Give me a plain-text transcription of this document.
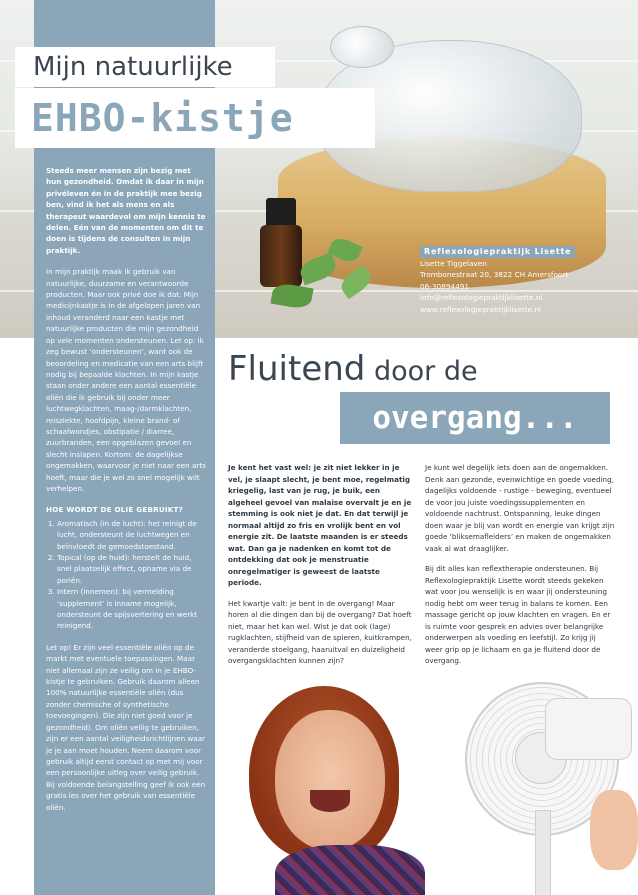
Mijn natuurlijke
EHBO-kistje

Steeds meer mensen zijn bezig met hun gezondheid. Omdat ik daar in mijn privéleven én in de praktijk mee bezig ben, vind ik het als mens en als therapeut waardevol om mijn kennis te delen. Eén van de momenten om dit te doen is tijdens de consulten in mijn praktijk.

In mijn praktijk maak ik gebruik van natuurlijke, duurzame en verantwoorde producten. Maar ook privé doe ik dat. Mijn medicijnkastje is in de afgelopen jaren van inhoud veranderd naar een kastje met natuurlijke producten die mijn gezondheid op vele momenten ondersteunen. Let op: ik zeg bewust ‘ondersteunen’, want ook de beoordeling en medicatie van een arts blijft nodig bij bepaalde klachten. In mijn kastje staan onder andere een aantal essentiële oliën die ik gebruik bij onder meer luchtwegklachten, maag-/darmklachten, reisziekte, hoofdpijn, kleine brand- of schaafwondjes, obstipatie / diarree, zuurbranden, een opgeblazen gevoel en slecht inslapen. Kortom: de dagelijkse ongemakken, waarvoor je niet naar een arts hoeft, maar die je wel zo snel mogelijk wilt verhelpen.

HOE WORDT DE OLIE GEBRUIKT?
1. Aromatisch (in de lucht): het reinigt de lucht, ondersteunt de luchtwegen en beïnvloedt de gemoedstoestand.
2. Topical (op de huid): herstelt de huid, snel plaatselijk effect, opname via de poriën.
3. Intern (innemen): bij vermelding ‘supplement’ is inname mogelijk, ondersteunt de spijsvertering en werkt reinigend.

Let op! Er zijn veel essentiële oliën op de markt met eventuele toepassingen. Maar niet allemaal zijn ze veilig om in je EHBO-kistje te gebruiken. Gebruik daarom alleen 100% natuurlijke essentiële oliën (dus zonder chemische of synthetische toevoegingen). Die zijn niet goed voor je gezondheid). Om oliën veilig te gebruiken, zijn er een aantal veiligheidsrichtlijnen waar je je aan moet houden. Neem daarom voor gebruik altijd eerst contact op met mij voor een persoonlijke uitleg over veilig gebruik. Bij voldoende belangstelling geef ik ook een gratis les over het gebruik van essentiële oliën.

Reflexologiepraktijk Lisette
Lisette Tiggelaven
Trombonestraat 20, 3822 CH Amersfoort
06-30894491
info@reflexologiepraktijklisette.nl
www.reflexologiepraktijklisette.nl
Fluitend door de
overgang...

Je kent het vast wel: je zit niet lekker in je vel, je slaapt slecht, je bent moe, regelmatig kriegelig, last van je rug, je buik, een algeheel gevoel van malaise overvalt je en je stemming is ook niet je dat. En dat terwijl je normaal altijd zo fris en vrolijk bent en vol energie zit. De laatste maanden is er steeds wat. Dan ga je nadenken en komt tot de ontdekking dat ook je menstruatie onregelmatiger is geweest de laatste periode.

Het kwartje valt: je bent in de overgang! Maar horen al die dingen dan bij de overgang? Dat hoeft niet, maar het kan wel. Wist je dat ook (lage) rugklachten, stijfheid van de spieren, kuitkrampen, veranderde stoelgang, haaruitval en duizeligheid overgangsklachten kunnen zijn?

Je kunt wel degelijk iets doen aan de ongemakken. Denk aan gezonde, evenwichtige en goede voeding, dagelijks voldoende - rustige - beweging, eventueel de voor jou juiste voedingssupplementen en voldoende nachtrust. Ontspanning, leuke dingen doen waar je blij van wordt en energie van krijgt zijn goede ‘bliksemafleiders’ en maken de ongemakken vaak al wat draaglijker.

Bij dit alles kan reflextherapie ondersteunen. Bij Reflexologiepraktijk Lisette wordt steeds gekeken wat voor jou wenselijk is en waar jij ondersteuning nodig hebt om weer terug in balans te komen. Een massage gericht op jouw klachten en vragen. En er is ruimte voor gesprek en advies over belangrijke onderwerpen als voeding en leefstijl. Zo krijg jij weer grip op je lichaam en ga je fluitend door de overgang.
